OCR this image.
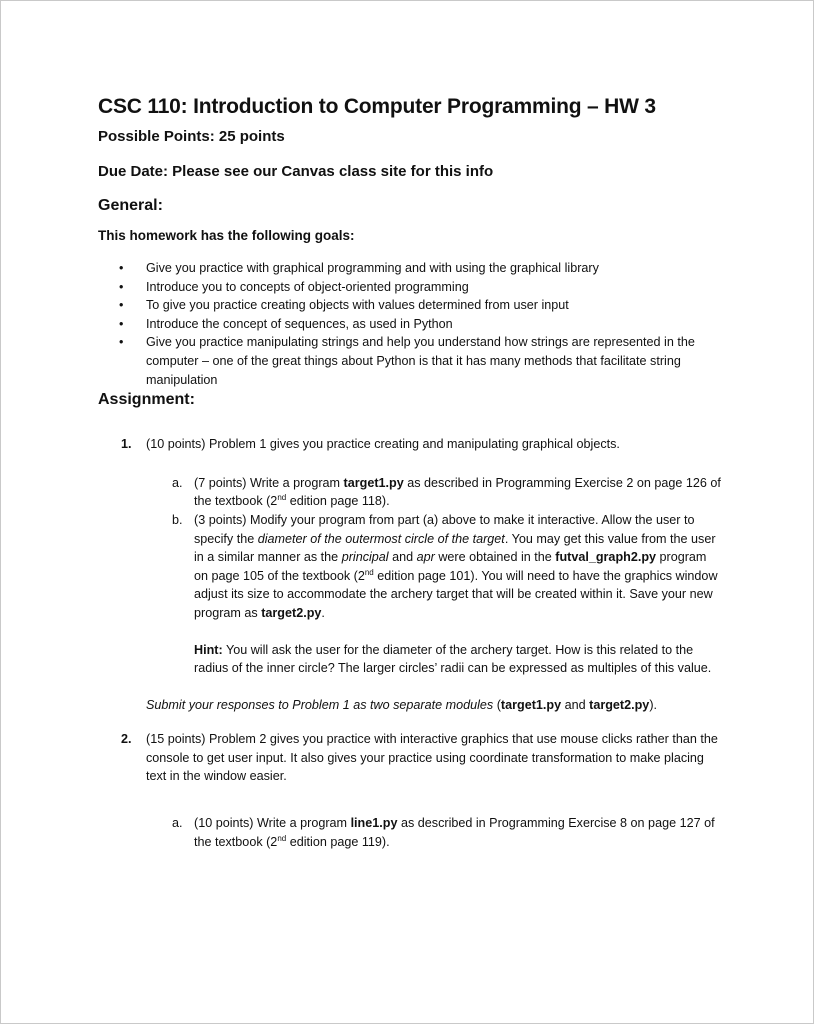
CSC 110: Introduction to Computer Programming – HW 3

Possible Points: 25 points

Due Date: Please see our Canvas class site for this info

General:

This homework has the following goals:

• Give you practice with graphical programming and with using the graphical library
• Introduce you to concepts of object-oriented programming
• To give you practice creating objects with values determined from user input
• Introduce the concept of sequences, as used in Python
• Give you practice manipulating strings and help you understand how strings are represented in the computer – one of the great things about Python is that it has many methods that facilitate string manipulation

Assignment:

1. (10 points) Problem 1 gives you practice creating and manipulating graphical objects.
a. (7 points) Write a program target1.py as described in Programming Exercise 2 on page 126 of the textbook (2nd edition page 118).
b. (3 points) Modify your program from part (a) above to make it interactive. Allow the user to specify the diameter of the outermost circle of the target. You may get this value from the user in a similar manner as the principal and apr were obtained in the futval_graph2.py program on page 105 of the textbook (2nd edition page 101). You will need to have the graphics window adjust its size to accommodate the archery target that will be created within it. Save your new program as target2.py.
Hint: You will ask the user for the diameter of the archery target. How is this related to the radius of the inner circle? The larger circles’ radii can be expressed as multiples of this value.
Submit your responses to Problem 1 as two separate modules (target1.py and target2.py).
2. (15 points) Problem 2 gives you practice with interactive graphics that use mouse clicks rather than the console to get user input. It also gives your practice using coordinate transformation to make placing text in the window easier.
a. (10 points) Write a program line1.py as described in Programming Exercise 8 on page 127 of the textbook (2nd edition page 119).
